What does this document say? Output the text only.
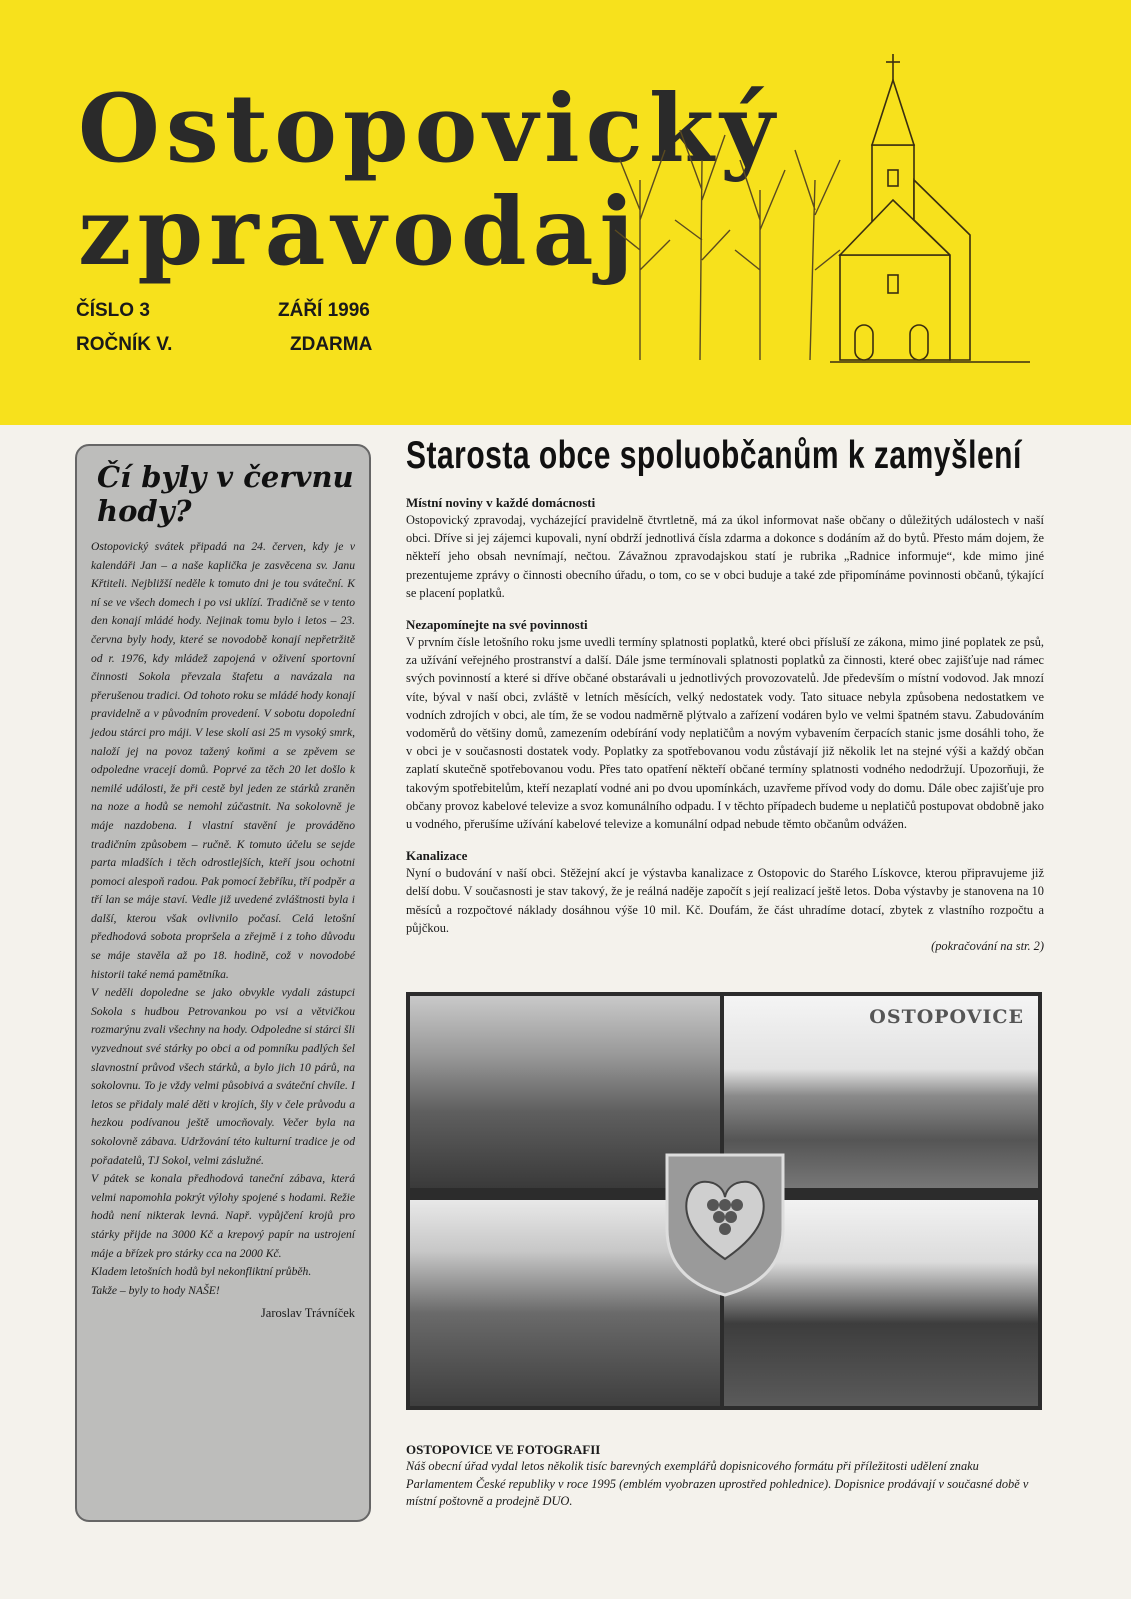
Ostopovický
zpravodaj
ČÍSLO 3
ROČNÍK V.
ZÁŘÍ 1996
ZDARMA
Čí byly v červnu hody?

Ostopovický svátek připadá na 24. červen, kdy je v kalendáři Jan – a naše kaplička je zasvěcena sv. Janu Křtiteli. Nejbližší neděle k tomuto dni je tou sváteční. K ní se ve všech domech i po vsi uklízí. Tradičně se v tento den konají mládé hody. Nejinak tomu bylo i letos – 23. června byly hody, které se novodobě konají nepřetržitě od r. 1976, kdy mládež zapojená v oživení sportovní činnosti Sokola převzala štafetu a navázala na přerušenou tradici. Od tohoto roku se mládé hody konají pravidelně a v původním provedení. V sobotu dopolední jedou stárci pro máji. V lese skolí asi 25 m vysoký smrk, naloží jej na povoz tažený koňmi a se zpěvem se odpoledne vracejí domů. Poprvé za těch 20 let došlo k nemilé události, že při cestě byl jeden ze stárků zraněn na noze a hodů se nemohl zúčastnit. Na sokolovně je máje nazdobena. I vlastní stavění je prováděno tradičním způsobem – ručně. K tomuto účelu se sejde parta mladších i těch odrostlejších, kteří jsou ochotni pomoci alespoň radou. Pak pomocí žebříku, tří podpěr a tří lan se máje staví. Vedle již uvedené zvláštnosti byla i další, kterou však ovlivnilo počasí. Celá letošní předhodová sobota propršela a zřejmě i z toho důvodu se máje stavěla až po 18. hodině, což v novodobé historii také nemá pamětníka.

V neděli dopoledne se jako obvykle vydali zástupci Sokola s hudbou Petrovankou po vsi a větvičkou rozmarýnu zvali všechny na hody. Odpoledne si stárci šli vyzvednout své stárky po obci a od pomníku padlých šel slavnostní průvod všech stárků, a bylo jich 10 párů, na sokolovnu. To je vždy velmi působivá a sváteční chvíle. I letos se přidaly malé děti v krojích, šly v čele průvodu a hezkou podívanou ještě umocňovaly. Večer byla na sokolovně zábava. Udržování této kulturní tradice je od pořadatelů, TJ Sokol, velmi záslužné.

V pátek se konala předhodová taneční zábava, která velmi napomohla pokrýt výlohy spojené s hodami. Režie hodů není nikterak levná. Např. vypůjčení krojů pro stárky přijde na 3000 Kč a krepový papír na ustrojení máje a břízek pro stárky cca na 2000 Kč.

Kladem letošních hodů byl nekonfliktní průběh.

Takže – byly to hody NAŠE!

Jaroslav Trávníček
Starosta obce spoluobčanům k zamyšlení

Místní noviny v každé domácnosti

Ostopovický zpravodaj, vycházející pravidelně čtvrtletně, má za úkol informovat naše občany o důležitých událostech v naší obci. Dříve si jej zájemci kupovali, nyní obdrží jednotlivá čísla zdarma a dokonce s dodáním až do bytů. Přesto mám dojem, že někteří jeho obsah nevnímají, nečtou. Závažnou zpravodajskou statí je rubrika „Radnice informuje“, kde mimo jiné prezentujeme zprávy o činnosti obecního úřadu, o tom, co se v obci buduje a také zde připomínáme povinnosti občanů, týkající se placení poplatků.

Nezapomínejte na své povinnosti

V prvním čísle letošního roku jsme uvedli termíny splatnosti poplatků, které obci přísluší ze zákona, mimo jiné poplatek ze psů, za užívání veřejného prostranství a další. Dále jsme termínovali splatnosti poplatků za činnosti, které obec zajišťuje nad rámec svých povinností a které si dříve občané obstarávali u jednotlivých provozovatelů. Jde především o místní vodovod. Jak mnozí víte, býval v naší obci, zvláště v letních měsících, velký nedostatek vody. Tato situace nebyla způsobena nedostatkem ve vodních zdrojích v obci, ale tím, že se vodou nadměrně plýtvalo a zařízení vodáren bylo ve velmi špatném stavu. Zabudováním vodoměrů do většiny domů, zamezením odebírání vody neplatičům a novým vybavením čerpacích stanic jsme dosáhli toho, že v obci je v současnosti dostatek vody. Poplatky za spotřebovanou vodu zůstávají již několik let na stejné výši a každý občan zaplatí skutečně spotřebovanou vodu. Přes tato opatření někteří občané termíny splatnosti vodného nedodržují. Upozorňuji, že takovým spotřebitelům, kteří nezaplatí vodné ani po dvou upomínkách, uzavřeme přívod vody do domu. Dále obec zajišťuje pro občany provoz kabelové televize a svoz komunálního odpadu. I v těchto případech budeme u neplatičů postupovat obdobně jako u vodného, přerušíme užívání kabelové televize a komunální odpad nebude těmto občanům odvážen.

Kanalizace

Nyní o budování v naší obci. Stěžejní akcí je výstavba kanalizace z Ostopovic do Starého Lískovce, kterou připravujeme již delší dobu. V současnosti je stav takový, že je reálná naděje započít s její realizací ještě letos. Doba výstavby je stanovena na 10 měsíců a rozpočtové náklady dosáhnou výše 10 mil. Kč. Doufám, že část uhradíme dotací, zbytek z vlastního rozpočtu a půjčkou.

(pokračování na str. 2)

OSTOPOVICE

OSTOPOVICE VE FOTOGRAFII

Náš obecní úřad vydal letos několik tisíc barevných exemplářů dopisnicového formátu při příležitosti udělení znaku Parlamentem České republiky v roce 1995 (emblém vyobrazen uprostřed pohlednice). Dopisnice prodávají v současné době v místní poštovně a prodejně DUO.
